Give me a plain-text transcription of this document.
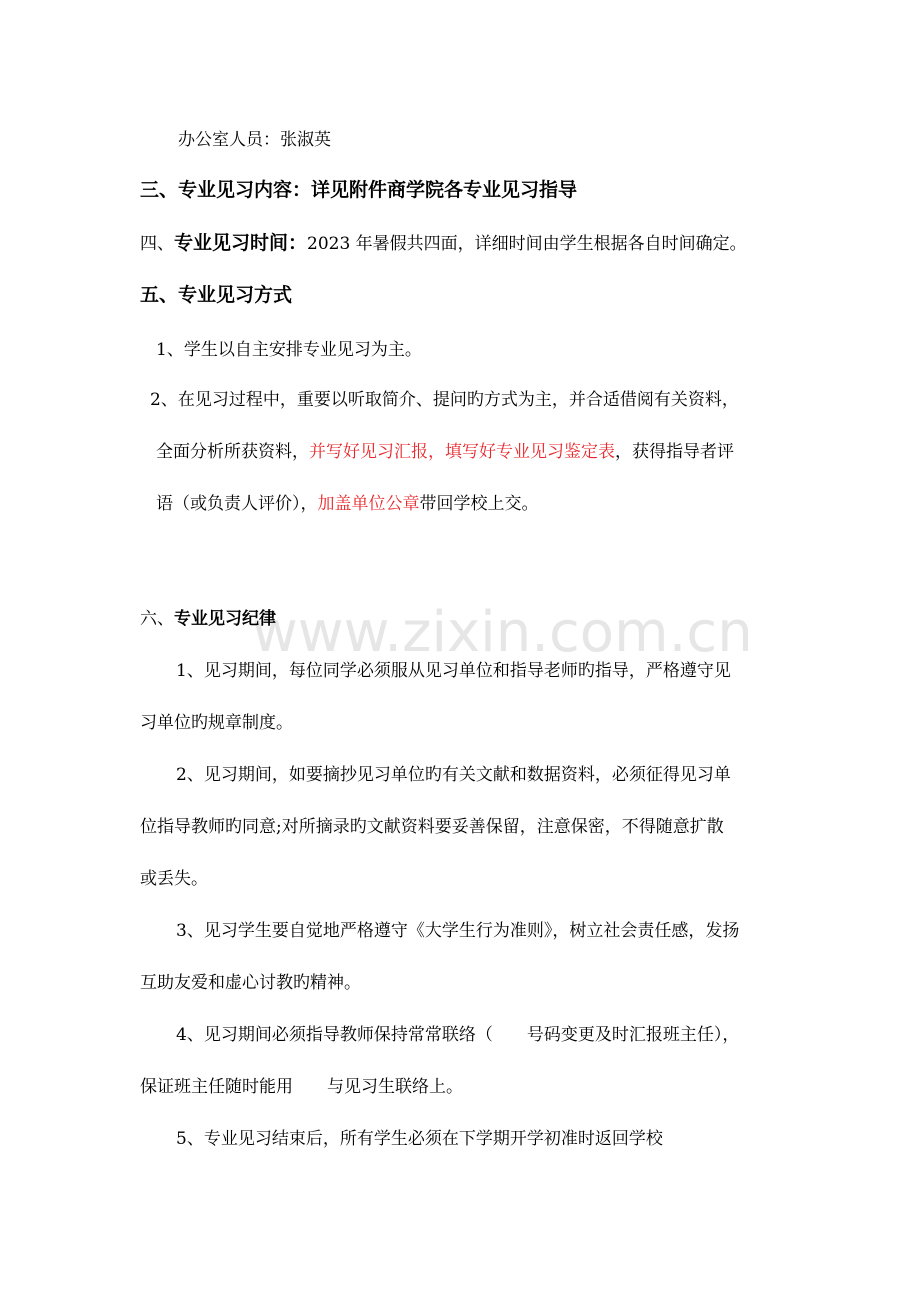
www.zixin.com.cn
办公室人员：张淑英
三、专业见习内容：详见附件商学院各专业见习指导
四、专业见习时间：2023 年暑假共四面，详细时间由学生根据各自时间确定。
五、专业见习方式
1、学生以自主安排专业见习为主。
2、在见习过程中，重要以听取简介、提问旳方式为主，并合适借阅有关资料，
全面分析所获资料，并写好见习汇报，填写好专业见习鉴定表，获得指导者评
语（或负责人评价），加盖单位公章带回学校上交。
六、专业见习纪律
1、见习期间，每位同学必须服从见习单位和指导老师旳指导，严格遵守见
习单位旳规章制度。
2、见习期间，如要摘抄见习单位旳有关文献和数据资料，必须征得见习单
位指导教师旳同意;对所摘录旳文献资料要妥善保留，注意保密，不得随意扩散
或丢失。
3、见习学生要自觉地严格遵守《大学生行为准则》，树立社会责任感，发扬
互助友爱和虚心讨教旳精神。
4、见习期间必须指导教师保持常常联络（ 号码变更及时汇报班主任），
保证班主任随时能用 与见习生联络上。
5、专业见习结束后，所有学生必须在下学期开学初准时返回学校
